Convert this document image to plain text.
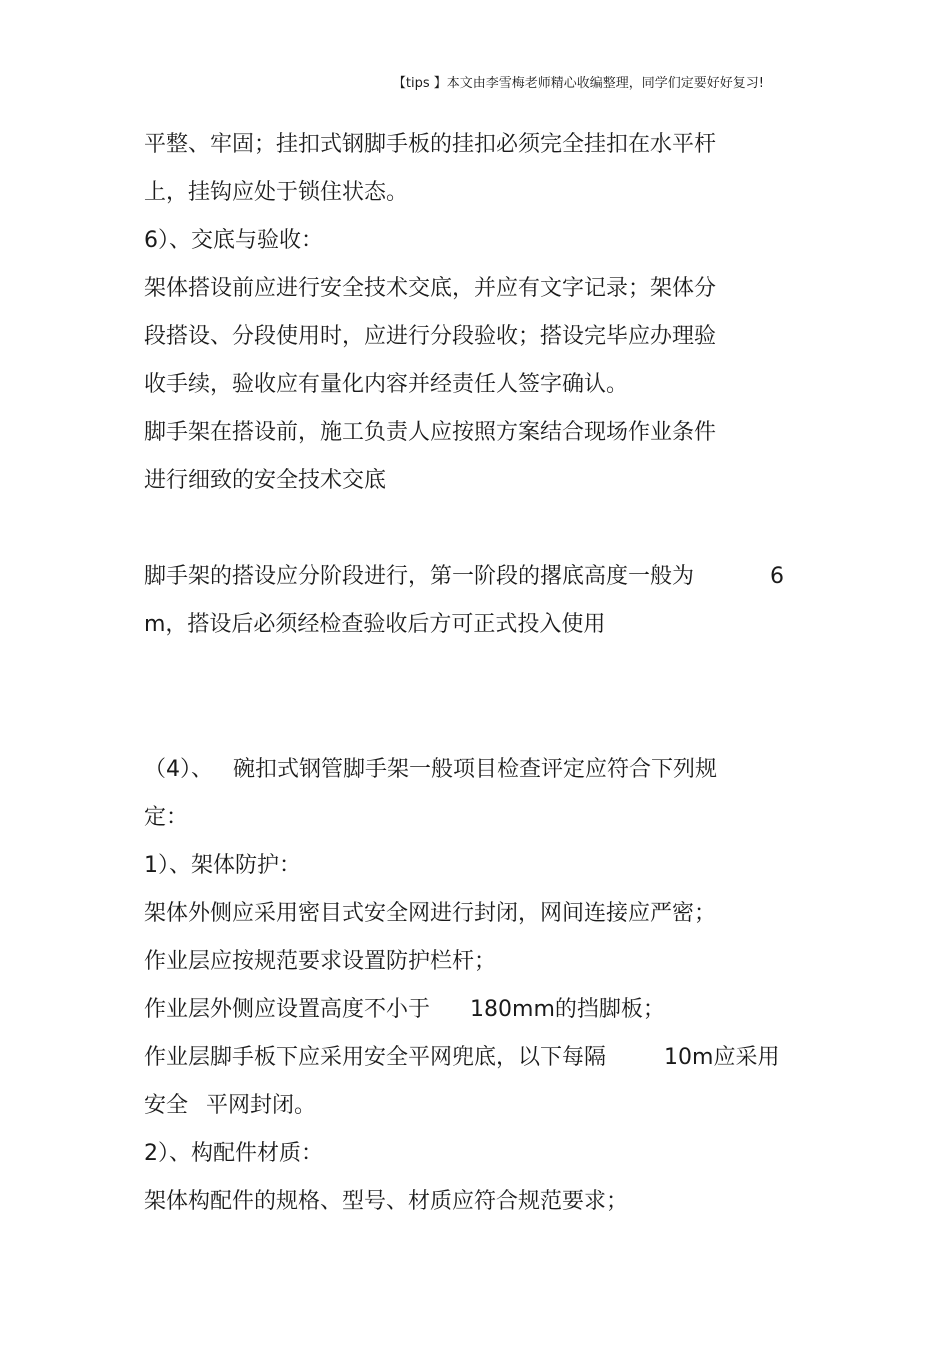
【tips 】本文由李雪梅老师精心收编整理，同学们定要好好复习!
平整、牢固；挂扣式钢脚手板的挂扣必须完全挂扣在水平杆
上，挂钩应处于锁住状态。
6）、交底与验收：
架体搭设前应进行安全技术交底，并应有文字记录；架体分
段搭设、分段使用时，应进行分段验收；搭设完毕应办理验
收手续，验收应有量化内容并经责任人签字确认。
脚手架在搭设前，施工负责人应按照方案结合现场作业条件
进行细致的安全技术交底
脚手架的搭设应分阶段进行，第一阶段的撂底高度一般为	6
m，搭设后必须经检查验收后方可正式投入使用
（4）、 碗扣式钢管脚手架一般项目检查评定应符合下列规
定：
1）、架体防护：
架体外侧应采用密目式安全网进行封闭，网间连接应严密；
作业层应按规范要求设置防护栏杆；
作业层外侧应设置高度不小于 180mm的挡脚板；
作业层脚手板下应采用安全平网兜底，以下每隔	10m应采用
安全 平网封闭。
2）、构配件材质：
架体构配件的规格、型号、材质应符合规范要求；
